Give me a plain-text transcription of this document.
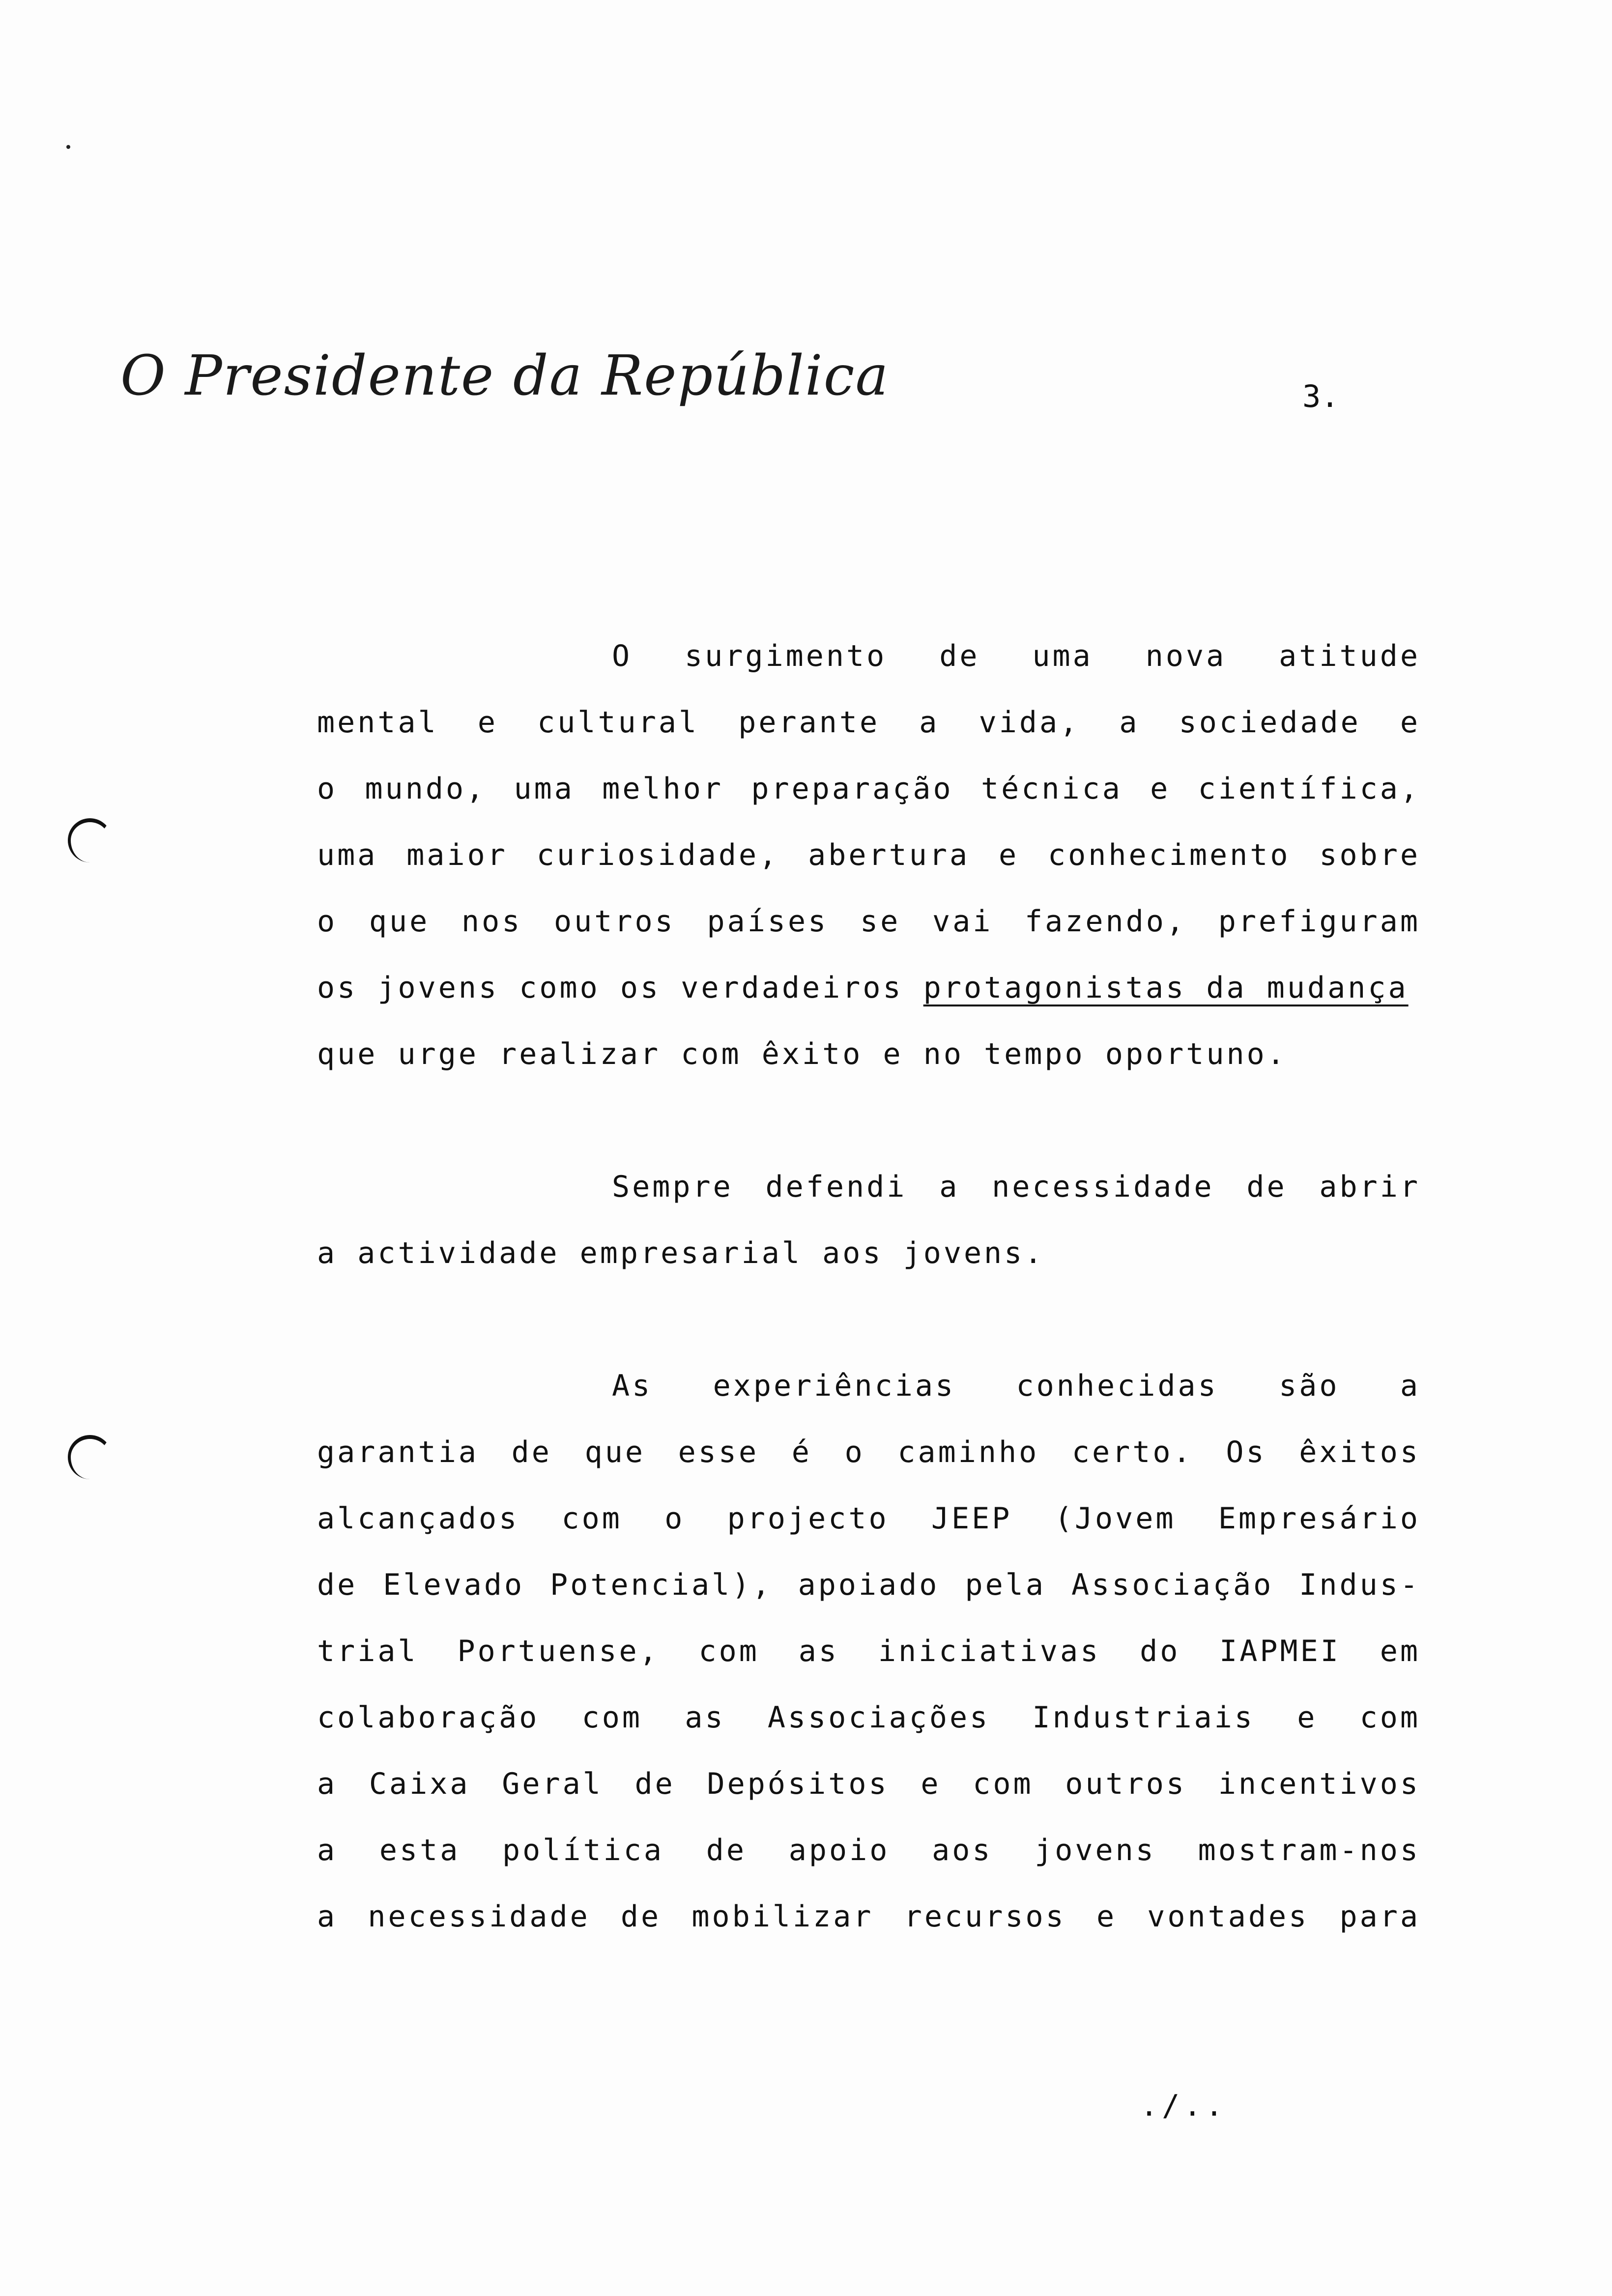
O Presidente da República	3.
O surgimento de uma nova atitude
mental e cultural perante a vida, a sociedade e
o mundo, uma melhor preparação técnica e científica,
uma maior curiosidade, abertura e conhecimento sobre
o que nos outros países se vai fazendo, prefiguram
os jovens como os verdadeiros protagonistas da mudança
que urge realizar com êxito e no tempo oportuno.
Sempre defendi a necessidade de abrir
a actividade empresarial aos jovens.
As experiências conhecidas são a
garantia de que esse é o caminho certo. Os êxitos
alcançados com o projecto JEEP (Jovem Empresário
de Elevado Potencial), apoiado pela Associação Indus-
trial Portuense, com as iniciativas do IAPMEI em
colaboração com as Associações Industriais e com
a Caixa Geral de Depósitos e com outros incentivos
a esta política de apoio aos jovens mostram-nos
a necessidade de mobilizar recursos e vontades para
./..
